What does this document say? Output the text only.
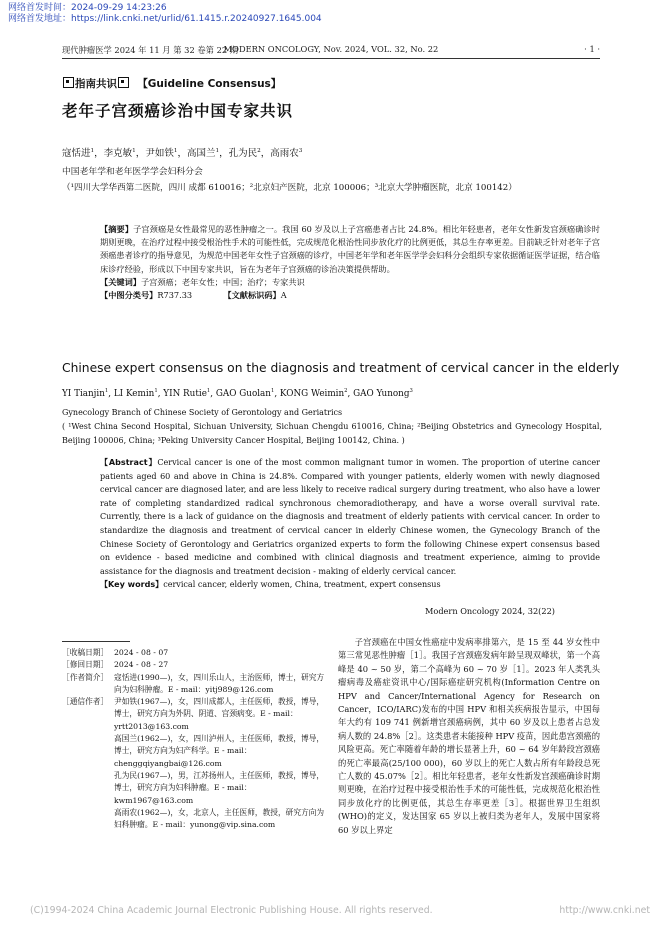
网络首发时间：2024-09-29 14:23:26
网络首发地址：https://link.cnki.net/urlid/61.1415.r.20240927.1645.004
现代肿瘤医学 2024 年 11 月 第 32 卷第 22 期
MODERN ONCOLOGY, Nov. 2024, VOL. 32, No. 22	· 1 ·
指南共识 【Guideline Consensus】
老年子宫颈癌诊治中国专家共识
寇恬进$^1$，李克敏$^1$，尹如铁$^1$，高国兰$^1$，孔为民$^2$，高雨农$^3$
中国老年学和老年医学学会妇科分会
（¹四川大学华西第二医院，四川 成都 610016；²北京妇产医院，北京 100006；³北京大学肿瘤医院，北京 100142）
【摘要】子宫颈癌是女性最常见的恶性肿瘤之一。我国 60 岁及以上子宫癌患者占比 24.8%。相比年轻患者，老年女性新发宫颈癌确诊时期则更晚，在治疗过程中接受根治性手术的可能性低，完成规范化根治性同步放化疗的比例更低，其总生存率更差。目前缺乏针对老年子宫颈癌患者诊疗的指导意见，为规范中国老年女性子宫颈癌的诊疗，中国老年学和老年医学学会妇科分会组织专家依据循证医学证据，结合临床诊疗经验，形成以下中国专家共识，旨在为老年子宫颈癌的诊治决策提供帮助。
【关键词】子宫颈癌；老年女性；中国；治疗；专家共识
【中图分类号】R737.33	【文献标识码】A
Chinese expert consensus on the diagnosis and treatment of cervical cancer in the elderly
YI Tianjin$^1$, LI Kemin$^1$, YIN Rutie$^1$, GAO Guolan$^1$, KONG Weimin$^2$, GAO Yunong$^3$
Gynecology Branch of Chinese Society of Gerontology and Geriatrics
( ¹West China Second Hospital, Sichuan University, Sichuan Chengdu 610016, China; ²Beijing Obstetrics and Gynecology Hospital, Beijing 100006, China; ³Peking University Cancer Hospital, Beijing 100142, China. )
【Abstract】Cervical cancer is one of the most common malignant tumor in women. The proportion of uterine cancer patients aged 60 and above in China is 24.8%. Compared with younger patients, elderly women with newly diagnosed cervical cancer are diagnosed later, and are less likely to receive radical surgery during treatment, who also have a lower rate of completing standardized radical synchronous chemoradiotherapy, and have a worse overall survival rate. Currently, there is a lack of guidance on the diagnosis and treatment of elderly patients with cervical cancer. In order to standardize the diagnosis and treatment of cervical cancer in elderly Chinese women, the Gynecology Branch of the Chinese Society of Gerontology and Geriatrics organized experts to form the following Chinese expert consensus based on evidence - based medicine and combined with clinical diagnosis and treatment experience, aiming to provide assistance for the diagnosis and treatment decision - making of elderly cervical cancer.
【Key words】cervical cancer, elderly women, China, treatment, expert consensus
Modern Oncology 2024, 32(22)
［收稿日期］	2024 - 08 - 07
［修回日期］	2024 - 08 - 27
［作者简介］	寇恬进(1990—)，女，四川乐山人，主治医师，博士，研究方向为妇科肿瘤。E - mail：yitj989@126.com
［通信作者］	尹如铁(1967—)，女，四川成都人，主任医师，教授，博导，博士，研究方向为外阴、阴道、宫颈病变。E - mail：yrtt2013@163.com
	高国兰(1962—)，女，四川泸州人，主任医师，教授，博导，博士，研究方向为妇产科学。E - mail：chenggqiyangbai@126.com
	孔为民(1967—)，男，江苏扬州人，主任医师，教授，博导，博士，研究方向为妇科肿瘤。E - mail：kwm1967@163.com
	高雨农(1962—)，女，北京人，主任医师，教授，研究方向为妇科肿瘤。E - mail：yunong@vip.sina.com
子宫颈癌在中国女性癌症中发病率排第六，是 15 至 44 岁女性中第三常见恶性肿瘤［1］。我国子宫颈癌发病年龄呈现双峰状，第一个高峰是 40 ~ 50 岁，第二个高峰为 60 ~ 70 岁［1］。2023 年人类乳头瘤病毒及癌症资讯中心/国际癌症研究机构(Information Centre on HPV and Cancer/International Agency for Research on Cancer，ICO/IARC)发布的中国 HPV 和相关疾病报告显示，中国每年大约有 109 741 例新增宫颈癌病例，其中 60 岁及以上患者占总发病人数的 24.8%［2］。这类患者未能接种 HPV 疫苗，因此患宫颈癌的风险更高。死亡率随着年龄的增长显著上升，60 ~ 64 岁年龄段宫颈癌的死亡率最高(25/100 000)，60 岁以上的死亡人数占所有年龄段总死亡人数的 45.07%［2］。相比年轻患者，老年女性新发宫颈癌确诊时期则更晚，在治疗过程中接受根治性手术的可能性低，完成规范化根治性同步放化疗的比例更低，其总生存率更差［3］。根据世界卫生组织(WHO)的定义，发达国家 65 岁以上被归类为老年人，发展中国家将 60 岁以上界定
(C)1994-2024 China Academic Journal Electronic Publishing House. All rights reserved.	http://www.cnki.net
